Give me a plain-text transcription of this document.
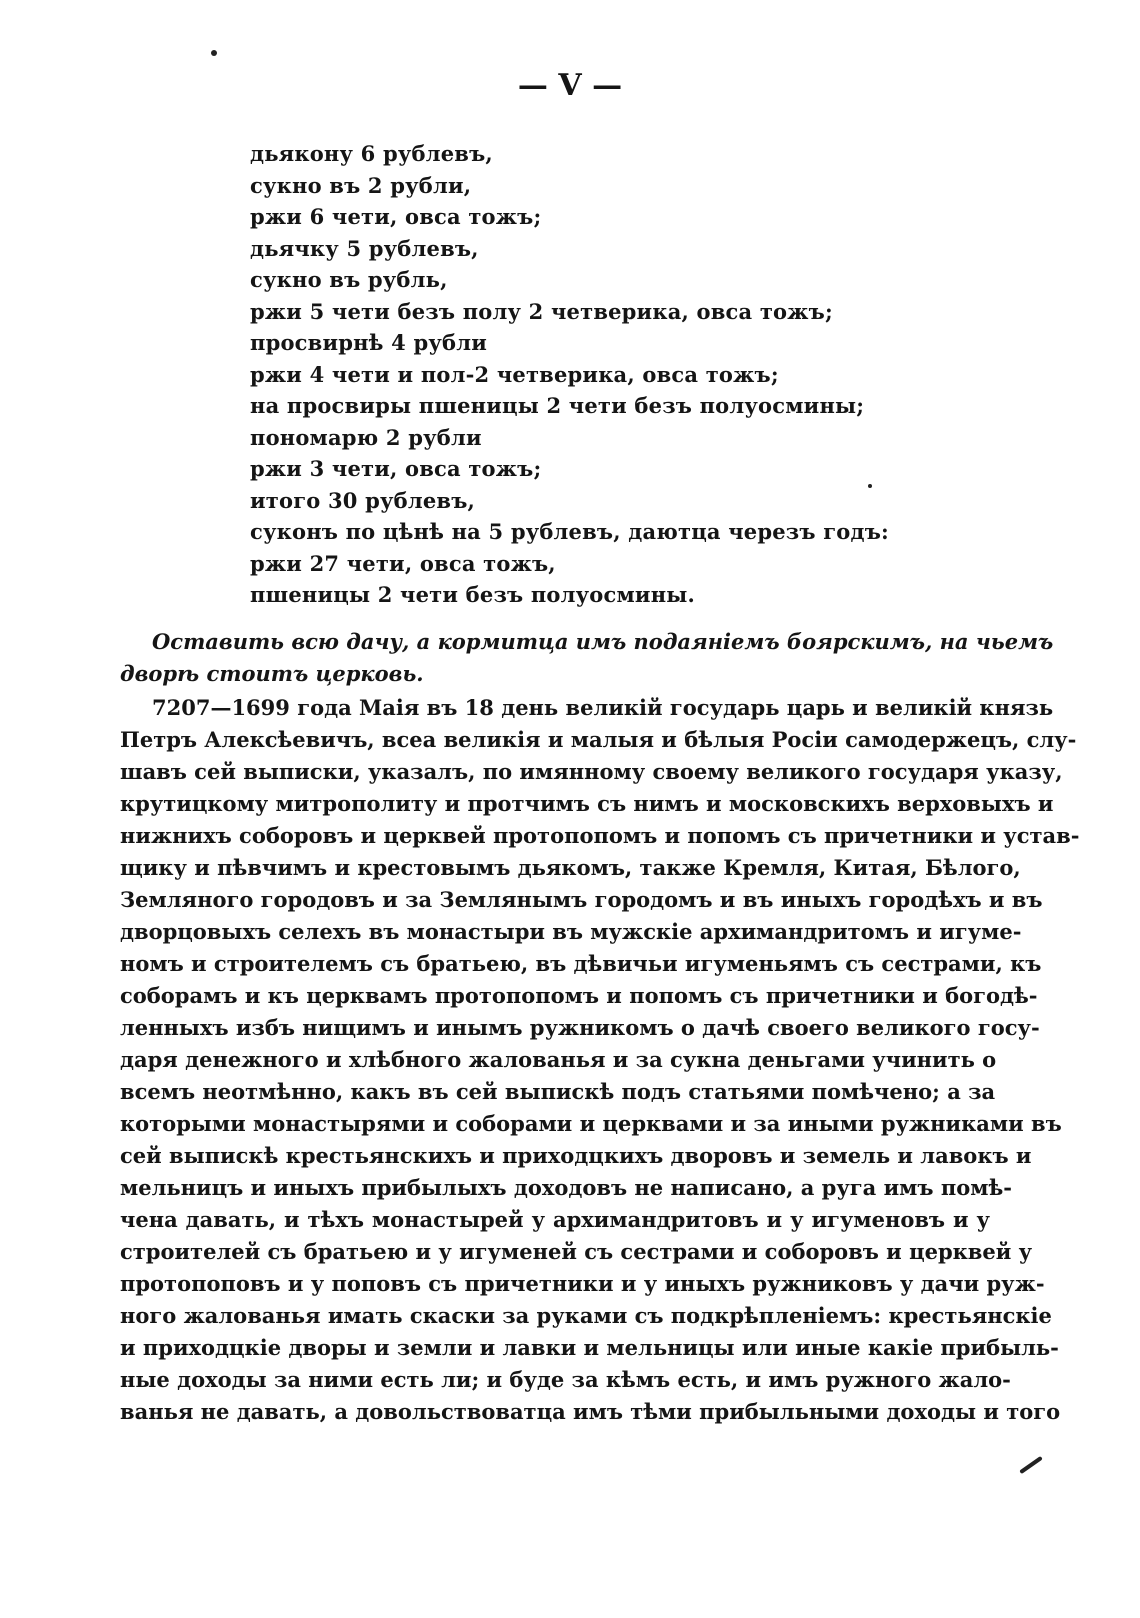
— V —
дьякону 6 рублевъ,
сукно въ 2 рубли,
ржи 6 чети, овса тожъ;
дьячку 5 рублевъ,
сукно въ рубль,
ржи 5 чети безъ полу 2 четверика, овса тожъ;
просвирнѣ 4 рубли
ржи 4 чети и пол-2 четверика, овса тожъ;
на просвиры пшеницы 2 чети безъ полуосмины;
пономарю 2 рубли
ржи 3 чети, овса тожъ;
итого 30 рублевъ,
суконъ по цѣнѣ на 5 рублевъ, даютца черезъ годъ:
ржи 27 чети, овса тожъ,
пшеницы 2 чети безъ полуосмины.
Оставить всю дачу, а кормитца имъ подаяніемъ боярскимъ, на чьемъ
дворѣ стоитъ церковь.
7207—1699 года Маія въ 18 день великій государь царь и великій князь
Петръ Алексѣевичъ, всеа великія и малыя и бѣлыя Росіи самодержецъ, слу-
шавъ сей выписки, указалъ, по имянному своему великого государя указу,
крутицкому митрополиту и протчимъ съ нимъ и московскихъ верховыхъ и
нижнихъ соборовъ и церквей протопопомъ и попомъ съ причетники и устав-
щику и пѣвчимъ и крестовымъ дьякомъ, также Кремля, Китая, Бѣлого,
Земляного городовъ и за Землянымъ городомъ и въ иныхъ городѣхъ и въ
дворцовыхъ селехъ въ монастыри въ мужскіе архимандритомъ и игуме-
номъ и строителемъ съ братьею, въ дѣвичьи игуменьямъ съ сестрами, къ
соборамъ и къ церквамъ протопопомъ и попомъ съ причетники и богодѣ-
ленныхъ избъ нищимъ и инымъ ружникомъ о дачѣ своего великого госу-
даря денежного и хлѣбного жалованья и за сукна деньгами учинить о
всемъ неотмѣнно, какъ въ сей выпискѣ подъ статьями помѣчено; а за
которыми монастырями и соборами и церквами и за иными ружниками въ
сей выпискѣ крестьянскихъ и приходцкихъ дворовъ и земель и лавокъ и
мельницъ и иныхъ прибылыхъ доходовъ не написано, а руга имъ помѣ-
чена давать, и тѣхъ монастырей у архимандритовъ и у игуменовъ и у
строителей съ братьею и у игуменей съ сестрами и соборовъ и церквей у
протопоповъ и у поповъ съ причетники и у иныхъ ружниковъ у дачи руж-
ного жалованья имать скаски за руками съ подкрѣпленіемъ: крестьянскіе
и приходцкіе дворы и земли и лавки и мельницы или иные какіе прибыль-
ные доходы за ними есть ли; и буде за кѣмъ есть, и имъ ружного жало-
ванья не давать, а довольствоватца имъ тѣми прибыльными доходы и того
